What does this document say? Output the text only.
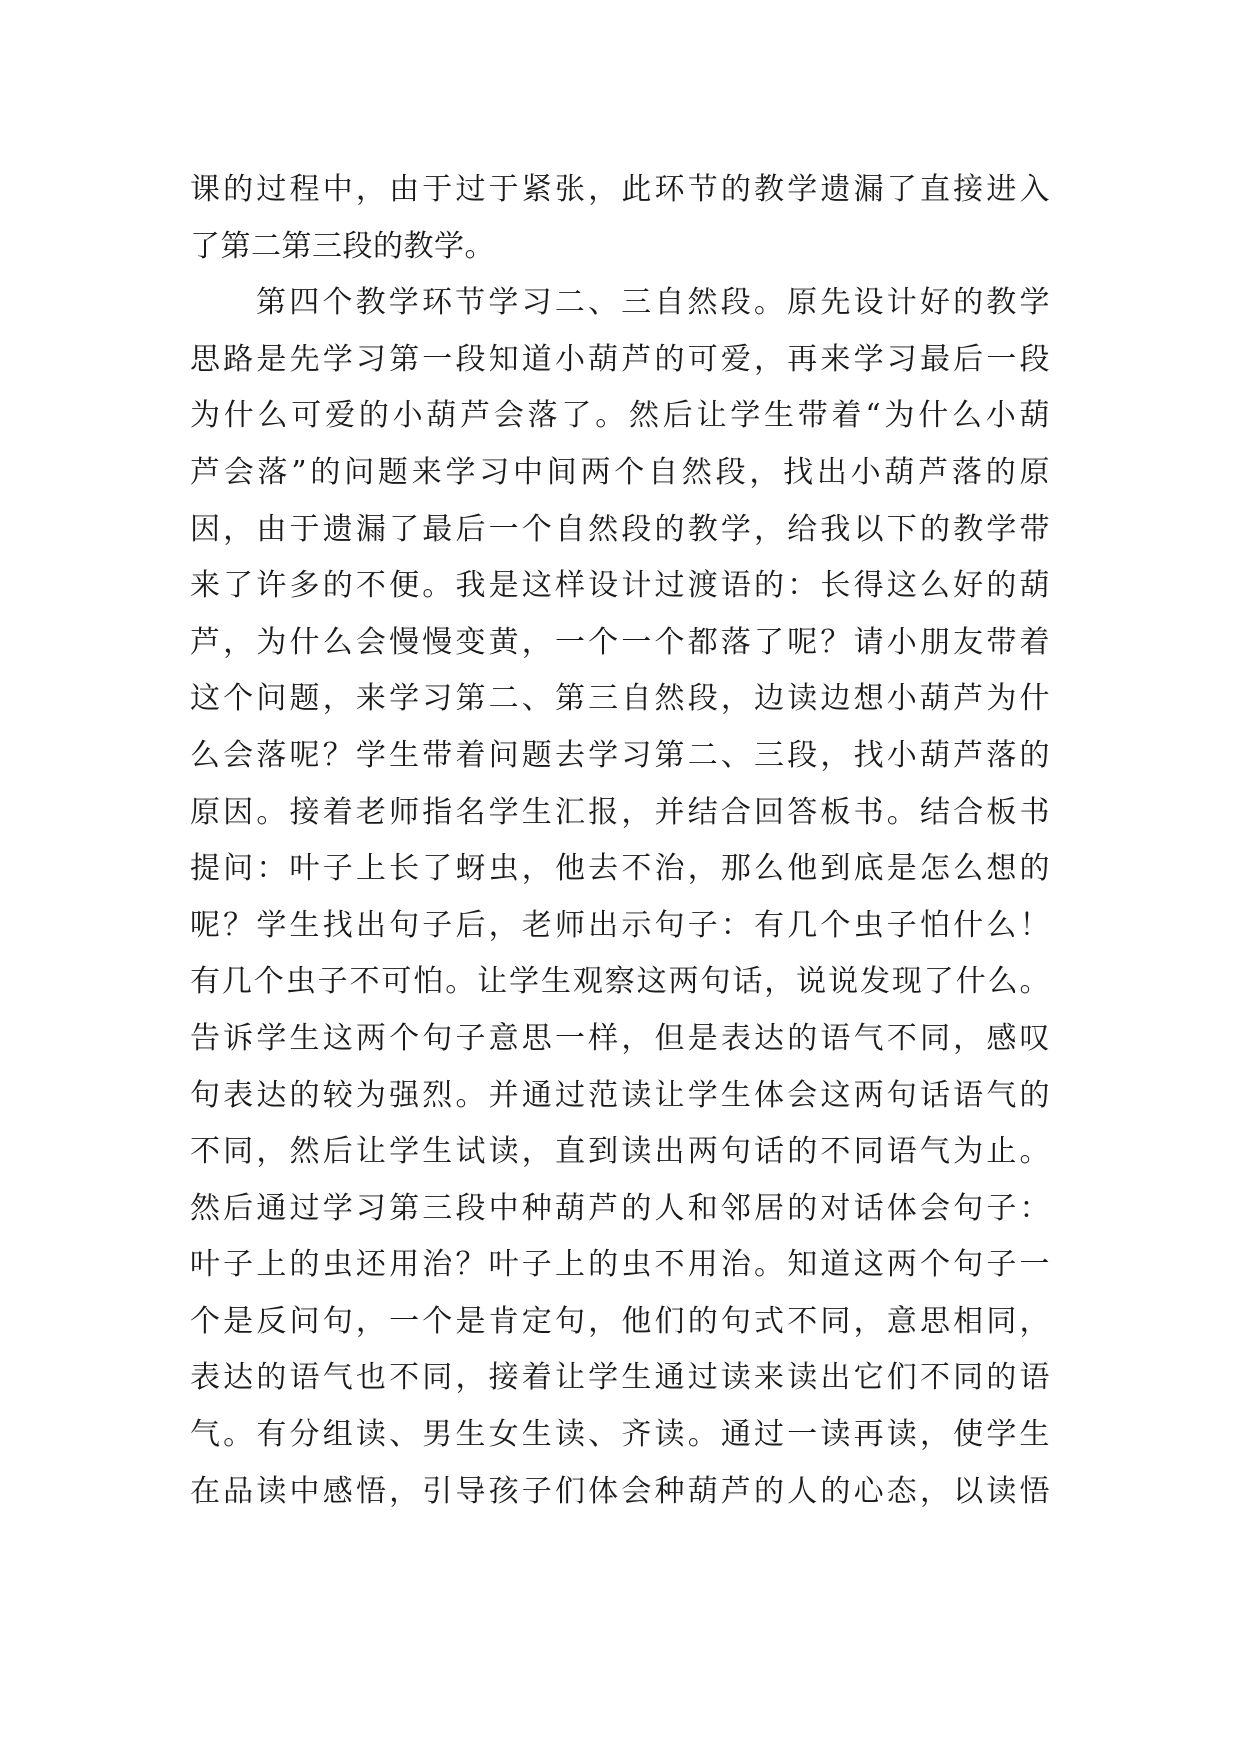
课的过程中，由于过于紧张，此环节的教学遗漏了直接进入
了第二第三段的教学。
第四个教学环节学习二、三自然段。原先设计好的教学
思路是先学习第一段知道小葫芦的可爱，再来学习最后一段
为什么可爱的小葫芦会落了。然后让学生带着“为什么小葫
芦会落”的问题来学习中间两个自然段，找出小葫芦落的原
因，由于遗漏了最后一个自然段的教学，给我以下的教学带
来了许多的不便。我是这样设计过渡语的：长得这么好的葫
芦，为什么会慢慢变黄，一个一个都落了呢？请小朋友带着
这个问题，来学习第二、第三自然段，边读边想小葫芦为什
么会落呢？学生带着问题去学习第二、三段，找小葫芦落的
原因。接着老师指名学生汇报，并结合回答板书。结合板书
提问：叶子上长了蚜虫，他去不治，那么他到底是怎么想的
呢？学生找出句子后，老师出示句子：有几个虫子怕什么！
有几个虫子不可怕。让学生观察这两句话，说说发现了什么。
告诉学生这两个句子意思一样，但是表达的语气不同，感叹
句表达的较为强烈。并通过范读让学生体会这两句话语气的
不同，然后让学生试读，直到读出两句话的不同语气为止。
然后通过学习第三段中种葫芦的人和邻居的对话体会句子：
叶子上的虫还用治？叶子上的虫不用治。知道这两个句子一
个是反问句，一个是肯定句，他们的句式不同，意思相同，
表达的语气也不同，接着让学生通过读来读出它们不同的语
气。有分组读、男生女生读、齐读。通过一读再读，使学生
在品读中感悟，引导孩子们体会种葫芦的人的心态，以读悟
